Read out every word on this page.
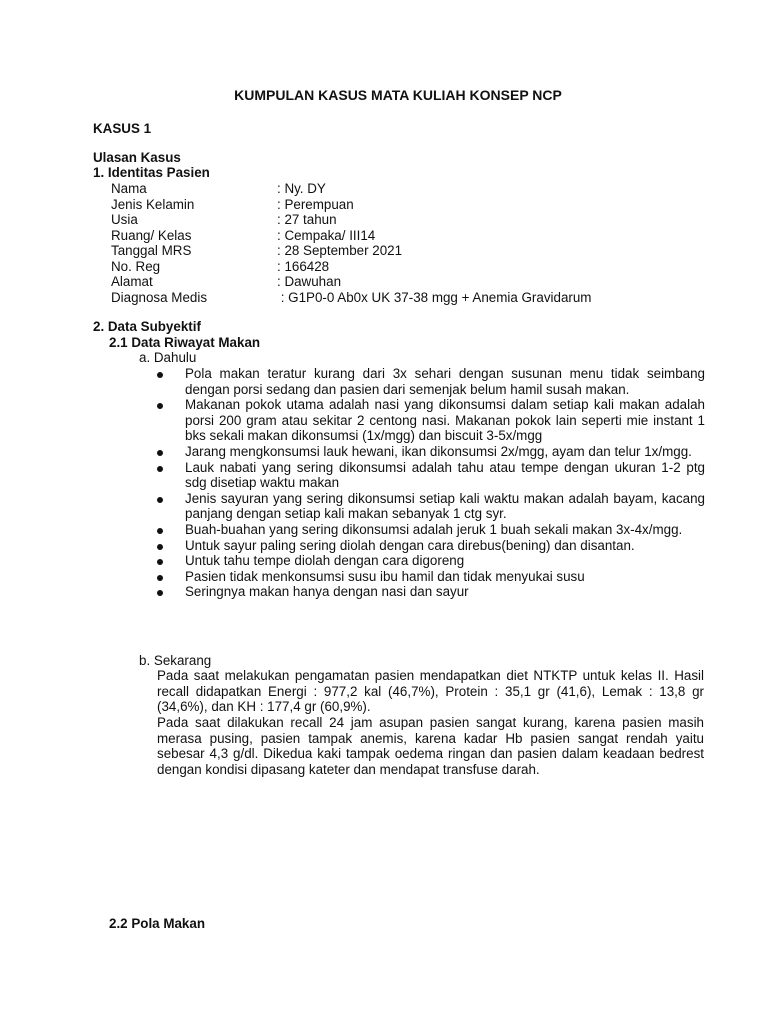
KUMPULAN KASUS MATA KULIAH KONSEP NCP
KASUS 1
Ulasan Kasus
1. Identitas Pasien
Nama	: Ny. DY
Jenis Kelamin	: Perempuan
Usia	: 27 tahun
Ruang/ Kelas	: Cempaka/ III14
Tanggal MRS	: 28 September 2021
No. Reg	: 166428
Alamat	: Dawuhan
Diagnosa Medis	: G1P0-0 Ab0x UK 37-38 mgg + Anemia Gravidarum
2. Data Subyektif
2.1 Data Riwayat Makan
a. Dahulu
Pola makan teratur kurang dari 3x sehari dengan susunan menu tidak seimbang dengan porsi sedang dan pasien dari semenjak belum hamil susah makan.
Makanan pokok utama adalah nasi yang dikonsumsi dalam setiap kali makan adalah porsi 200 gram atau sekitar 2 centong nasi. Makanan pokok lain seperti mie instant 1 bks sekali makan dikonsumsi (1x/mgg) dan biscuit 3-5x/mgg
Jarang mengkonsumsi lauk hewani, ikan dikonsumsi 2x/mgg, ayam dan telur 1x/mgg.
Lauk nabati yang sering dikonsumsi adalah tahu atau tempe dengan ukuran 1-2 ptg sdg disetiap waktu makan
Jenis sayuran yang sering dikonsumsi setiap kali waktu makan adalah bayam, kacang panjang dengan setiap kali makan sebanyak 1 ctg syr.
Buah-buahan yang sering dikonsumsi adalah jeruk 1 buah sekali makan 3x-4x/mgg.
Untuk sayur paling sering diolah dengan cara direbus(bening) dan disantan.
Untuk tahu tempe diolah dengan cara digoreng
Pasien tidak menkonsumsi susu ibu hamil dan tidak menyukai susu
Seringnya makan hanya dengan nasi dan sayur
b. Sekarang
Pada saat melakukan pengamatan pasien mendapatkan diet NTKTP untuk kelas II. Hasil recall didapatkan Energi : 977,2 kal (46,7%), Protein : 35,1 gr (41,6), Lemak : 13,8 gr (34,6%), dan KH : 177,4 gr (60,9%).
Pada saat dilakukan recall 24 jam asupan pasien sangat kurang, karena pasien masih merasa pusing, pasien tampak anemis, karena kadar Hb pasien sangat rendah yaitu sebesar 4,3 g/dl. Dikedua kaki tampak oedema ringan dan pasien dalam keadaan bedrest dengan kondisi dipasang kateter dan mendapat transfuse darah.
2.2 Pola Makan
